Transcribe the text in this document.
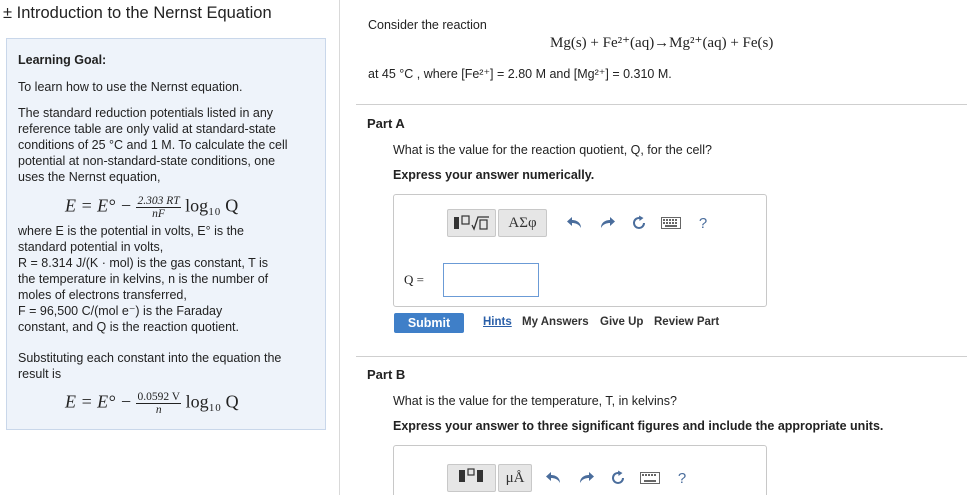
± Introduction to the Nernst Equation
Learning Goal:
To learn how to use the Nernst equation.
The standard reduction potentials listed in any
reference table are only valid at standard-state
conditions of 25 °C and 1 M. To calculate the cell
potential at non-standard-state conditions, one
uses the Nernst equation,
$E = E^\circ - \frac{2.303 RT}{nF} \log_{10}$ Q
where E is the potential in volts, E° is the
standard potential in volts,
R = 8.314 J/(K · mol) is the gas constant, T is
the temperature in kelvins, n is the number of
moles of electrons transferred,
F = 96,500 C/(mol e⁻) is the Faraday
constant, and Q is the reaction quotient.
Substituting each constant into the equation the
result is
$E = E^\circ - \frac{0.0592 V}{n} \log_{10}$ Q
Consider the reaction
Mg(s) + Fe²⁺(aq)→Mg²⁺(aq) + Fe(s)
at 45 °C , where [Fe²⁺] = 2.80 M and [Mg²⁺] = 0.310 M.
Part A
What is the value for the reaction quotient, Q, for the cell?
Express your answer numerically.
AΣφ	?
Q =
Submit	Hints My Answers Give Up Review Part
Part B
What is the value for the temperature, T, in kelvins?
Express your answer to three significant figures and include the appropriate units.
μÅ	?
